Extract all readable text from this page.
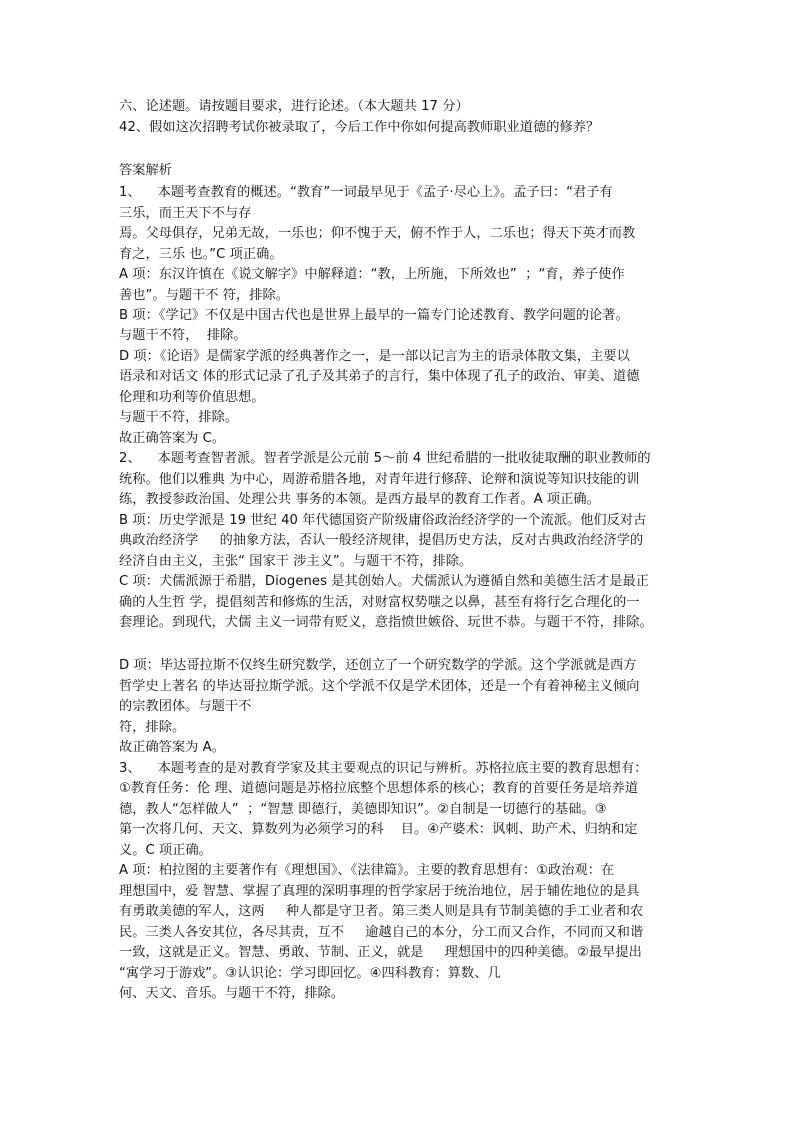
六、论述题。请按题目要求，进行论述。（本大题共 17 分）
42、假如这次招聘考试你被录取了，今后工作中你如何提高教师职业道德的修养？
答案解析
1、    本题考查教育的概述。“教育”一词最早见于《孟子·尽心上》。孟子曰：“君子有
三乐，而王天下不与存
焉。父母俱存，兄弟无故，一乐也；仰不愧于天，俯不怍于人，二乐也；得天下英才而教
育之，三乐 也。”C 项正确。
A 项：东汉许慎在《说文解字》中解释道：“教，上所施，下所效也”  ；“育，养子使作
善也”。与题干不 符，排除。
B 项：《学记》不仅是中国古代也是世界上最早的一篇专门论述教育、教学问题的论著。
与题干不符，  排除。
D 项：《论语》是儒家学派的经典著作之一，是一部以记言为主的语录体散文集，主要以
语录和对话文 体的形式记录了孔子及其弟子的言行，集中体现了孔子的政治、审美、道德
伦理和功利等价值思想。
与题干不符，排除。
故正确答案为 C。
2、    本题考查智者派。智者学派是公元前 5～前 4 世纪希腊的一批收徒取酬的职业教师的
统称。他们以雅典 为中心，周游希腊各地，对青年进行修辞、论辩和演说等知识技能的训
练，教授参政治国、处理公共 事务的本领。是西方最早的教育工作者。A 项正确。
B 项：历史学派是 19 世纪 40 年代德国资产阶级庸俗政治经济学的一个流派。他们反对古
典政治经济学     的抽象方法，否认一般经济规律，提倡历史方法，反对古典政治经济学的
经济自由主义，主张“ 国家干 涉主义”。与题干不符，排除。
C 项：犬儒派源于希腊，Diogenes 是其创始人。犬儒派认为遵循自然和美德生活才是最正
确的人生哲 学，提倡刻苦和修炼的生活，对财富权势嗤之以鼻，甚至有将行乞合理化的一
套理论。到现代，犬儒 主义一词带有贬义，意指愤世嫉俗、玩世不恭。与题干不符，排除。
D 项：毕达哥拉斯不仅终生研究数学，还创立了一个研究数学的学派。这个学派就是西方
哲学史上著名 的毕达哥拉斯学派。这个学派不仅是学术团体，还是一个有着神秘主义倾向
的宗教团体。与题干不
符，排除。
故正确答案为 A。
3、    本题考查的是对教育学家及其主要观点的识记与辨析。苏格拉底主要的教育思想有：
①教育任务：伦 理、道德问题是苏格拉底整个思想体系的核心；教育的首要任务是培养道
德，教人“怎样做人”  ；“智慧 即德行，美德即知识”。②自制是一切德行的基础。③
第一次将几何、天文、算数列为必须学习的科    目。④产婆术：讽刺、助产术、归纳和定
义。C 项正确。
A 项：柏拉图的主要著作有《理想国》、《法律篇》。主要的教育思想有：①政治观：在
理想国中，爱 智慧、掌握了真理的深明事理的哲学家居于统治地位，居于辅佐地位的是具
有勇敢美德的军人，这两     种人都是守卫者。第三类人则是具有节制美德的手工业者和农
民。三类人各安其位，各尽其责，互不     逾越自己的本分，分工而又合作，不同而又和谐
一致，这就是正义。智慧、勇敢、节制、正义，就是     理想国中的四种美德。②最早提出
“寓学习于游戏”。③认识论：学习即回忆。④四科教育：算数、几
何、天文、音乐。与题干不符，排除。
